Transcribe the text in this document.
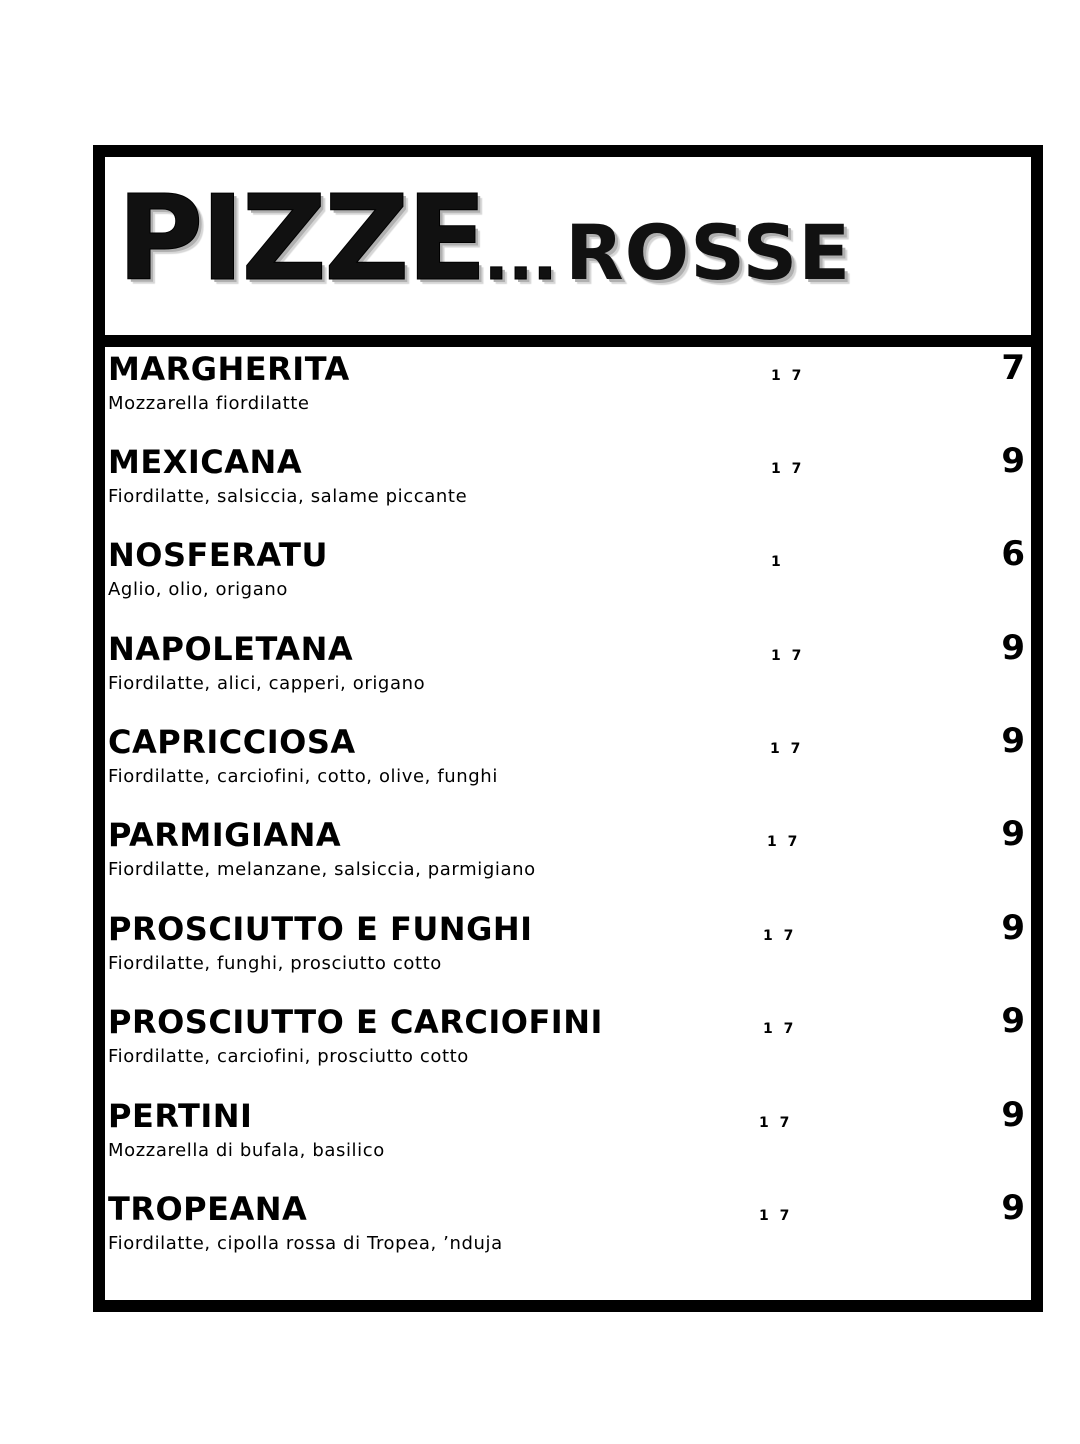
PIZZE... ROSSE
MARGHERITA
Mozzarella fiordilatte
1 7	7
MEXICANA
Fiordilatte, salsiccia, salame piccante
1 7	9
NOSFERATU
Aglio, olio, origano
1	6
NAPOLETANA
Fiordilatte, alici, capperi, origano
1 7	9
CAPRICCIOSA
Fiordilatte, carciofini, cotto, olive, funghi
1 7	9
PARMIGIANA
Fiordilatte, melanzane, salsiccia, parmigiano
1 7	9
PROSCIUTTO E FUNGHI
Fiordilatte, funghi, prosciutto cotto
1 7	9
PROSCIUTTO E CARCIOFINI
Fiordilatte, carciofini, prosciutto cotto
1 7	9
PERTINI
Mozzarella di bufala, basilico
1 7	9
TROPEANA
Fiordilatte, cipolla rossa di Tropea, ’nduja
1 7	9
